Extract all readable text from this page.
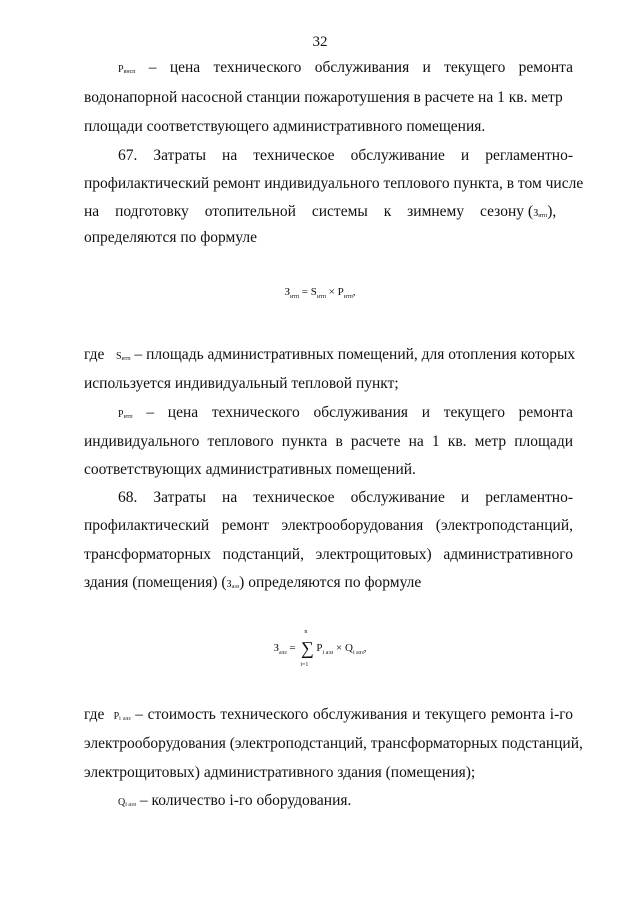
32
$Р_{внсп}$ – цена технического обслуживания и текущего ремонта
водонапорной насосной станции пожаротушения в расчете на 1 кв. метр
площади соответствующего административного помещения.
67. Затраты на техническое обслуживание и регламентно-
профилактический ремонт индивидуального теплового пункта, в том числе
на подготовку отопительной системы к зимнему сезону $(З_{итп})$,
определяются по формуле
$З_{итп} = S_{итп} \times Р_{итп}$,
где $S_{итп}$ – площадь административных помещений, для отопления которых
используется индивидуальный тепловой пункт;
$Р_{итп}$ – цена технического обслуживания и текущего ремонта
индивидуального теплового пункта в расчете на 1 кв. метр площади
соответствующих административных помещений.
68. Затраты на техническое обслуживание и регламентно-
профилактический ремонт электрооборудования (электроподстанций,
трансформаторных подстанций, электрощитовых) административного
здания (помещения) $(З_{аэз})$ определяются по формуле
$З_{аэз}$ = ∑
n
i=1
$Р_{i аэз} \times Q_{i аэз}$,
где $Р_{i аэз}$ – стоимость технического обслуживания и текущего ремонта i-го
электрооборудования (электроподстанций, трансформаторных подстанций,
электрощитовых) административного здания (помещения);
$Q_{i аэз}$ – количество i-го оборудования.
